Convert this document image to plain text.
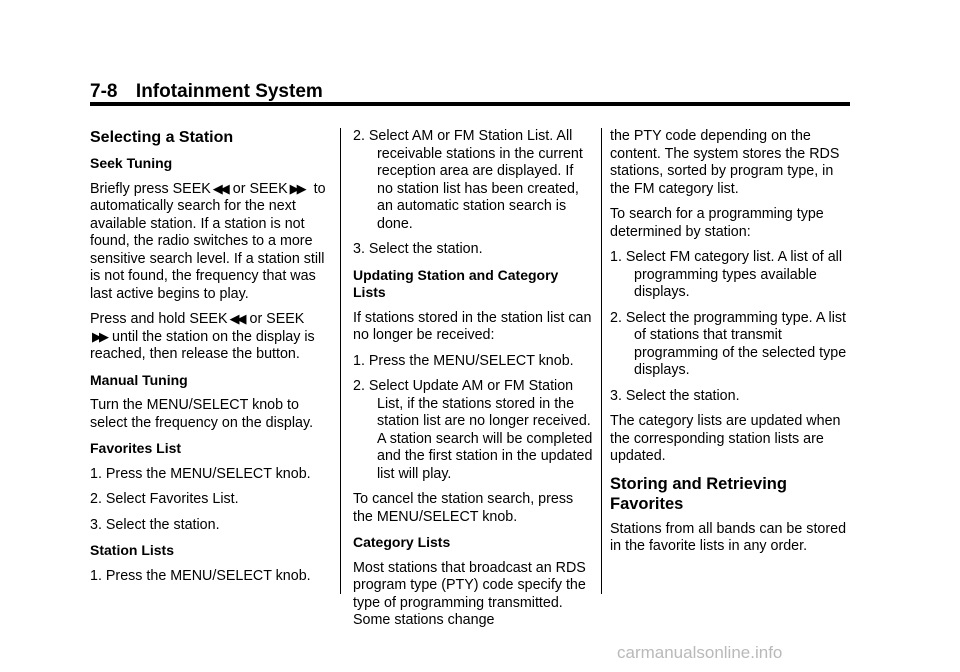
7-8 Infotainment System
Selecting a Station
Seek Tuning
Briefly press SEEK ◀◀ or SEEK ▶▶ to automatically search for the next available station. If a station is not found, the radio switches to a more sensitive search level. If a station still is not found, the frequency that was last active begins to play.
Press and hold SEEK ◀◀ or SEEK ▶▶ until the station on the display is reached, then release the button.
Manual Tuning
Turn the MENU/SELECT knob to select the frequency on the display.
Favorites List
1. Press the MENU/SELECT knob.
2. Select Favorites List.
3. Select the station.
Station Lists
1. Press the MENU/SELECT knob.
2. Select AM or FM Station List. All receivable stations in the current reception area are displayed. If no station list has been created, an automatic station search is done.
3. Select the station.
Updating Station and Category Lists
If stations stored in the station list can no longer be received:
1. Press the MENU/SELECT knob.
2. Select Update AM or FM Station List, if the stations stored in the station list are no longer received. A station search will be completed and the first station in the updated list will play.
To cancel the station search, press the MENU/SELECT knob.
Category Lists
Most stations that broadcast an RDS program type (PTY) code specify the type of programming transmitted. Some stations change
the PTY code depending on the content. The system stores the RDS stations, sorted by program type, in the FM category list.
To search for a programming type determined by station:
1. Select FM category list. A list of all programming types available displays.
2. Select the programming type. A list of stations that transmit programming of the selected type displays.
3. Select the station.
The category lists are updated when the corresponding station lists are updated.
Storing and Retrieving Favorites
Stations from all bands can be stored in the favorite lists in any order.
carmanualsonline.info
